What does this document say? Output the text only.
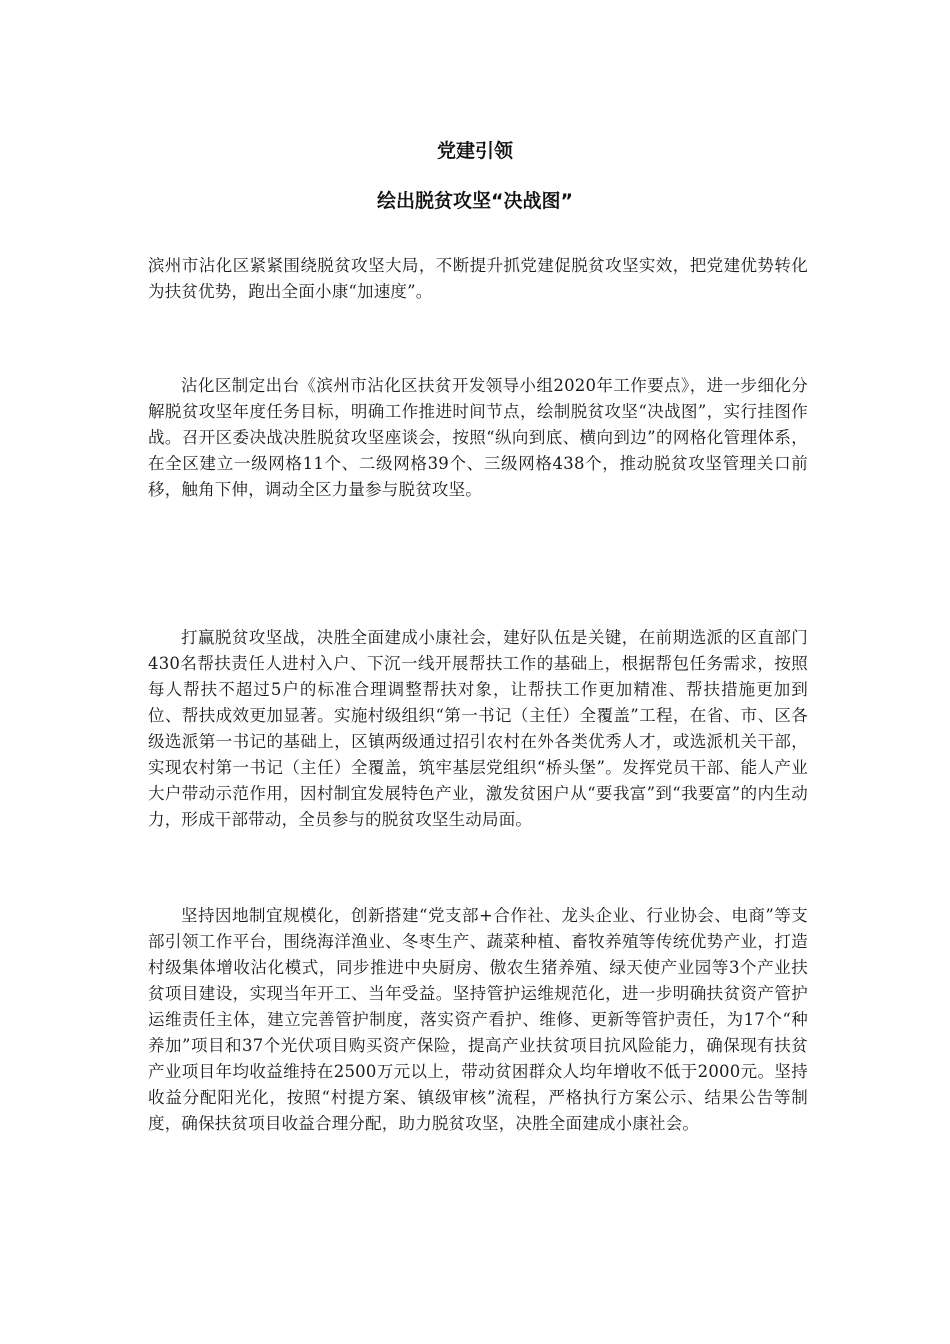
党建引领
绘出脱贫攻坚“决战图”

滨州市沾化区紧紧围绕脱贫攻坚大局，不断提升抓党建促脱贫攻坚实效，把党建优势转化为扶贫优势，跑出全面小康“加速度”。

沾化区制定出台《滨州市沾化区扶贫开发领导小组2020年工作要点》，进一步细化分解脱贫攻坚年度任务目标，明确工作推进时间节点，绘制脱贫攻坚“决战图”，实行挂图作战。召开区委决战决胜脱贫攻坚座谈会，按照“纵向到底、横向到边”的网格化管理体系，在全区建立一级网格11个、二级网格39个、三级网格438个，推动脱贫攻坚管理关口前移，触角下伸，调动全区力量参与脱贫攻坚。

打赢脱贫攻坚战，决胜全面建成小康社会，建好队伍是关键，在前期选派的区直部门430名帮扶责任人进村入户、下沉一线开展帮扶工作的基础上，根据帮包任务需求，按照每人帮扶不超过5户的标准合理调整帮扶对象，让帮扶工作更加精准、帮扶措施更加到位、帮扶成效更加显著。实施村级组织“第一书记（主任）全覆盖”工程，在省、市、区各级选派第一书记的基础上，区镇两级通过招引农村在外各类优秀人才，或选派机关干部，实现农村第一书记（主任）全覆盖，筑牢基层党组织“桥头堡”。发挥党员干部、能人产业大户带动示范作用，因村制宜发展特色产业，激发贫困户从“要我富”到“我要富”的内生动力，形成干部带动，全员参与的脱贫攻坚生动局面。

坚持因地制宜规模化，创新搭建“党支部+合作社、龙头企业、行业协会、电商”等支部引领工作平台，围绕海洋渔业、冬枣生产、蔬菜种植、畜牧养殖等传统优势产业，打造村级集体增收沾化模式，同步推进中央厨房、傲农生猪养殖、绿天使产业园等3个产业扶贫项目建设，实现当年开工、当年受益。坚持管护运维规范化，进一步明确扶贫资产管护运维责任主体，建立完善管护制度，落实资产看护、维修、更新等管护责任，为17个“种养加”项目和37个光伏项目购买资产保险，提高产业扶贫项目抗风险能力，确保现有扶贫产业项目年均收益维持在2500万元以上，带动贫困群众人均年增收不低于2000元。坚持收益分配阳光化，按照“村提方案、镇级审核”流程，严格执行方案公示、结果公告等制度，确保扶贫项目收益合理分配，助力脱贫攻坚，决胜全面建成小康社会。
